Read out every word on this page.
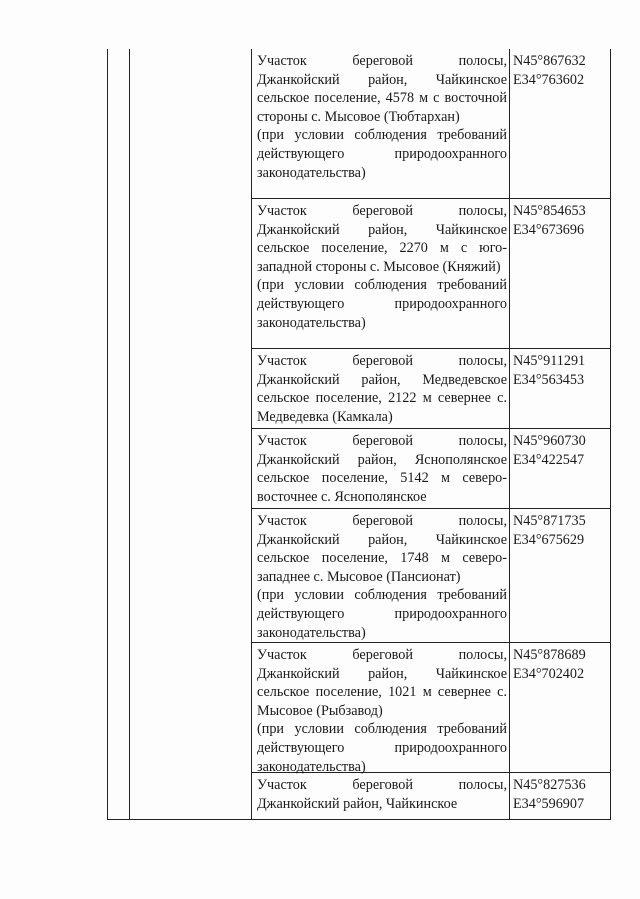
Участок береговой полосы, Джанкойский район, Чайкинское сельское поселение, 4578 м с восточной стороны с. Мысовое (Тюбтархан)

(при условии соблюдения требований действующего природоохранного законодательства)

N45°867632
E34°763602

Участок береговой полосы, Джанкойский район, Чайкинское сельское поселение, 2270 м с юго-западной стороны с. Мысовое (Княжий)

(при условии соблюдения требований действующего природоохранного законодательства)

N45°854653
E34°673696

Участок береговой полосы, Джанкойский район, Медведевское сельское поселение, 2122 м севернее с. Медведевка (Камкала)

N45°911291
E34°563453

Участок береговой полосы, Джанкойский район, Яснополянское сельское поселение, 5142 м северо-восточнее с. Яснополянское

N45°960730
E34°422547

Участок береговой полосы, Джанкойский район, Чайкинское сельское поселение, 1748 м северо-западнее с. Мысовое (Пансионат)

(при условии соблюдения требований действующего природоохранного законодательства)

N45°871735
E34°675629

Участок береговой полосы, Джанкойский район, Чайкинское сельское поселение, 1021 м севернее с. Мысовое (Рыбзавод)

(при условии соблюдения требований действующего природоохранного законодательства)

N45°878689
E34°702402

Участок береговой полосы, Джанкойский район, Чайкинское

N45°827536
E34°596907
